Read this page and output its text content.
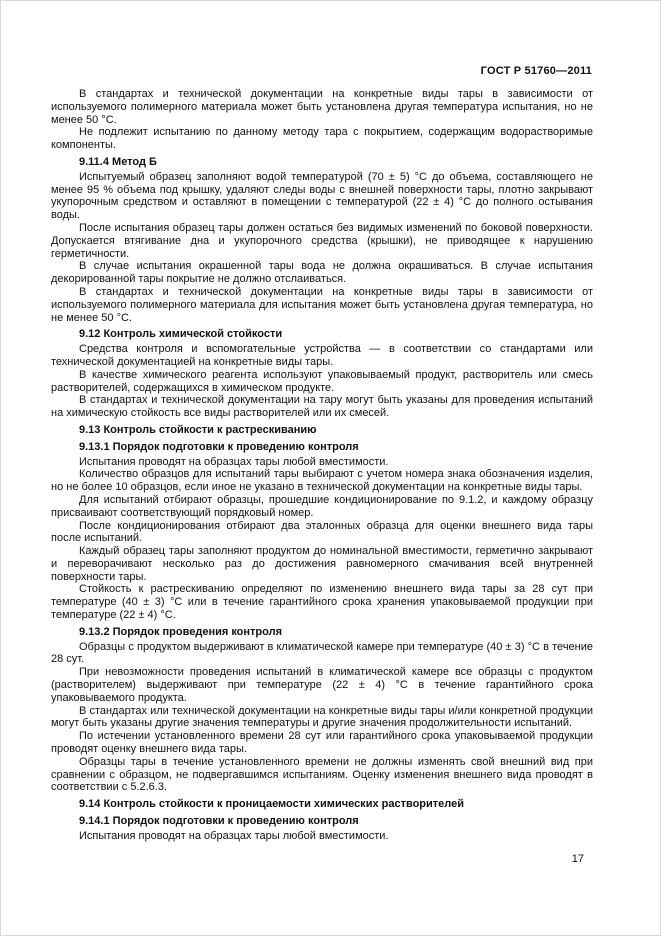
ГОСТ Р 51760—2011

В стандартах и технической документации на конкретные виды тары в зависимости от используемого полимерного материала может быть установлена другая температура испытания, но не менее 50 °С.

Не подлежит испытанию по данному методу тара с покрытием, содержащим водорастворимые компоненты.

9.11.4 Метод Б

Испытуемый образец заполняют водой температурой (70 ± 5) °С до объема, составляющего не менее 95 % объема под крышку, удаляют следы воды с внешней поверхности тары, плотно закрывают укупорочным средством и оставляют в помещении с температурой (22 ± 4) °С до полного остывания воды.

После испытания образец тары должен остаться без видимых изменений по боковой поверхности. Допускается втягивание дна и укупорочного средства (крышки), не приводящее к нарушению герметичности.

В случае испытания окрашенной тары вода не должна окрашиваться. В случае испытания декорированной тары покрытие не должно отслаиваться.

В стандартах и технической документации на конкретные виды тары в зависимости от используемого полимерного материала для испытания может быть установлена другая температура, но не менее 50 °С.

9.12 Контроль химической стойкости

Средства контроля и вспомогательные устройства — в соответствии со стандартами или технической документацией на конкретные виды тары.

В качестве химического реагента используют упаковываемый продукт, растворитель или смесь растворителей, содержащихся в химическом продукте.

В стандартах и технической документации на тару могут быть указаны для проведения испытаний на химическую стойкость все виды растворителей или их смесей.

9.13 Контроль стойкости к растрескиванию

9.13.1 Порядок подготовки к проведению контроля

Испытания проводят на образцах тары любой вместимости.

Количество образцов для испытаний тары выбирают с учетом номера знака обозначения изделия, но не более 10 образцов, если иное не указано в технической документации на конкретные виды тары.

Для испытаний отбирают образцы, прошедшие кондиционирование по 9.1.2, и каждому образцу присваивают соответствующий порядковый номер.

После кондиционирования отбирают два эталонных образца для оценки внешнего вида тары после испытаний.

Каждый образец тары заполняют продуктом до номинальной вместимости, герметично закрывают и переворачивают несколько раз до достижения равномерного смачивания всей внутренней поверхности тары.

Стойкость к растрескиванию определяют по изменению внешнего вида тары за 28 сут при температуре (40 ± 3) °С или в течение гарантийного срока хранения упаковываемой продукции при температуре (22 ± 4) °С.

9.13.2 Порядок проведения контроля

Образцы с продуктом выдерживают в климатической камере при температуре (40 ± 3) °С в течение 28 сут.

При невозможности проведения испытаний в климатической камере все образцы с продуктом (растворителем) выдерживают при температуре (22 ± 4) °С в течение гарантийного срока упаковываемого продукта.

В стандартах или технической документации на конкретные виды тары и/или конкретной продукции могут быть указаны другие значения температуры и другие значения продолжительности испытаний.

По истечении установленного времени 28 сут или гарантийного срока упаковываемой продукции проводят оценку внешнего вида тары.

Образцы тары в течение установленного времени не должны изменять свой внешний вид при сравнении с образцом, не подвергавшимся испытаниям. Оценку изменения внешнего вида проводят в соответствии с 5.2.6.3.

9.14 Контроль стойкости к проницаемости химических растворителей

9.14.1 Порядок подготовки к проведению контроля

Испытания проводят на образцах тары любой вместимости.

17
